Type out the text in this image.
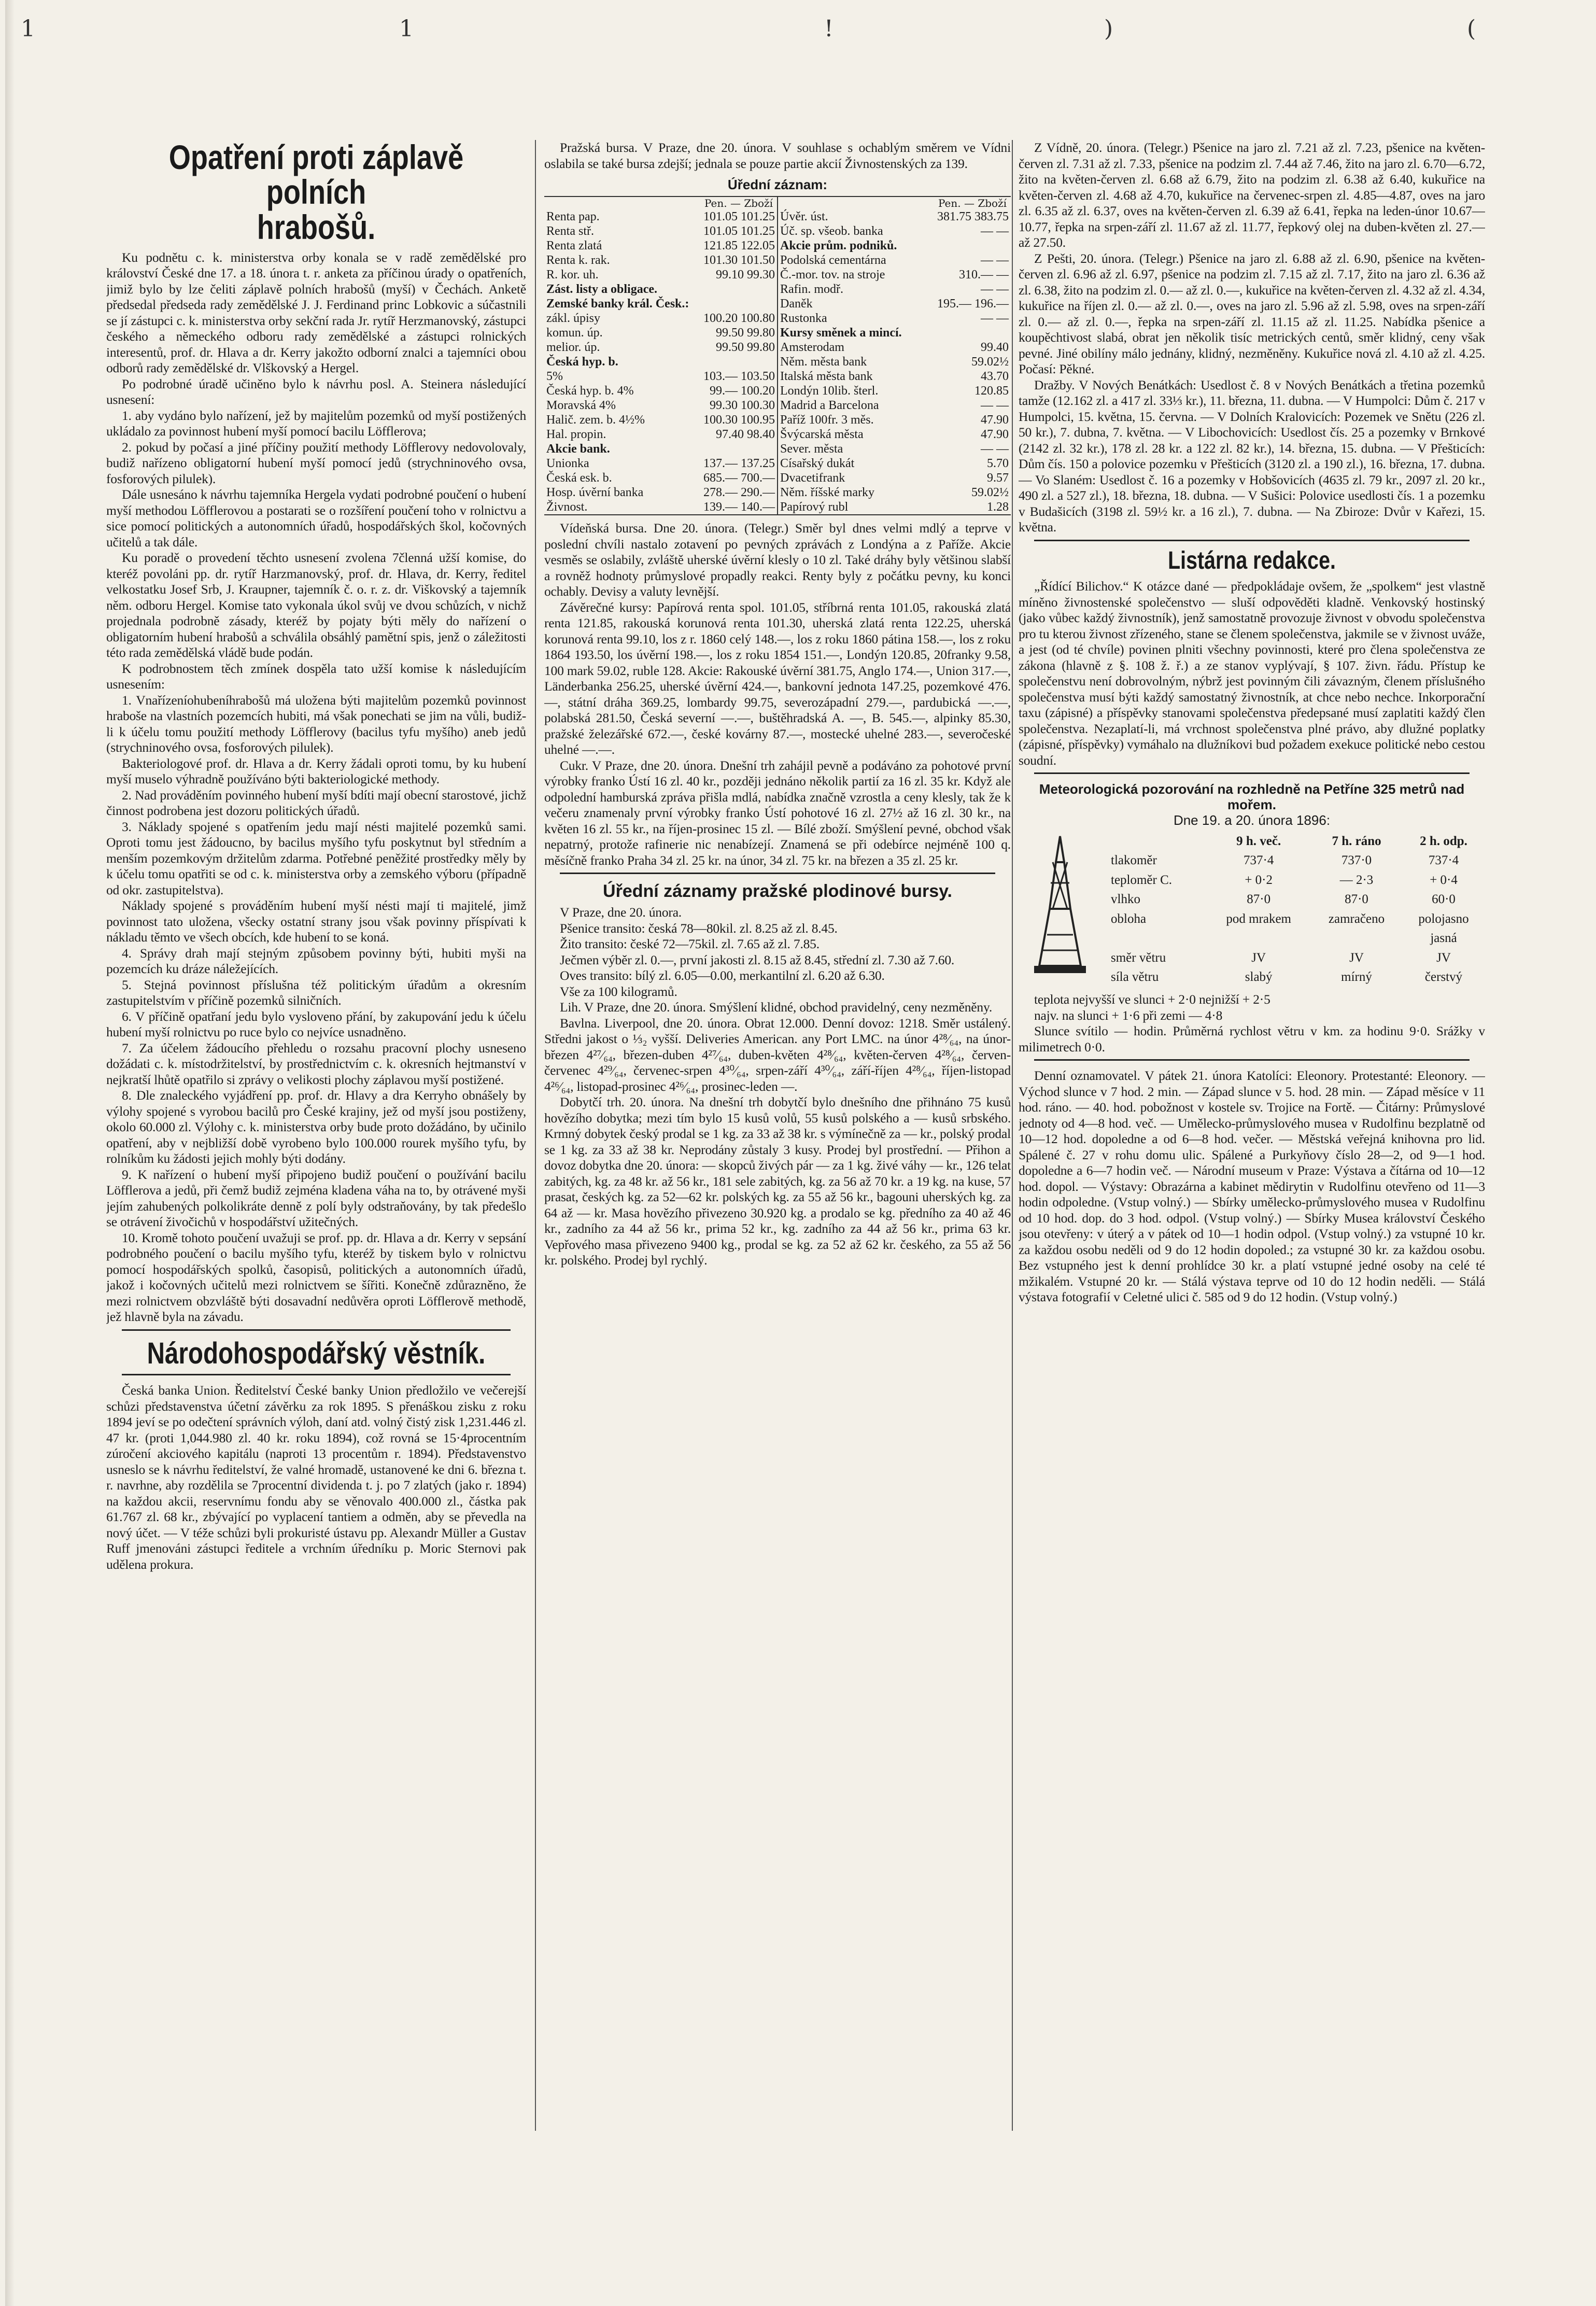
1	1	!	)	(
Opatření proti záplavě polních
hrabošů.

Ku podnětu c. k. ministerstva orby konala se v radě zemědělské pro království České dne 17. a 18. února t. r. anketa za příčinou úrady o opatřeních, jimiž bylo by lze čeliti záplavě polních hrabošů (myší) v Čechách. Anketě předsedal předseda rady zemědělské J. J. Ferdinand princ Lobkovic a súčastnili se jí zástupci c. k. ministerstva orby sekční rada Jr. rytíř Herzmanovský, zástupci českého a německého odboru rady zemědělské a zástupci rolnických interesentů, prof. dr. Hlava a dr. Kerry jakožto odborní znalci a tajemníci obou odborů rady zemědělské dr. Vlškovský a Hergel.

Po podrobné úradě učiněno bylo k návrhu posl. A. Steinera následující usnesení:

1. aby vydáno bylo nařízení, jež by majitelům pozemků od myší postižených ukládalo za povinnost hubení myší pomocí bacilu Löfflerova;

2. pokud by počasí a jiné příčiny použití methody Löfflerovy nedovolovaly, budiž nařízeno obligatorní hubení myší pomocí jedů (strychninového ovsa, fosforových pilulek).

Dále usnesáno k návrhu tajemníka Hergela vydati podrobné poučení o hubení myší methodou Löfflerovou a postarati se o rozšíření poučení toho v rolnictvu a sice pomocí politických a autonomních úřadů, hospodářských škol, kočovných učitelů a tak dále.

Ku poradě o provedení těchto usnesení zvolena 7členná užší komise, do kteréž povoláni pp. dr. rytíř Harzmanovský, prof. dr. Hlava, dr. Kerry, ředitel velkostatku Josef Srb, J. Kraupner, tajemník č. o. r. z. dr. Viškovský a tajemník něm. odboru Hergel. Komise tato vykonala úkol svůj ve dvou schůzích, v nichž projednala podrobně zásady, kteréž by pojaty býti měly do nařízení o obligatorním hubení hrabošů a schválila obsáhlý pamětní spis, jenž o záležitosti této rada zemědělská vládě bude podán.

K podrobnostem těch zmínek dospěla tato užší komise k následujícím usnesením:

1. Vnařízeníohubeníhrabošů má uložena býti majitelům pozemků povinnost hraboše na vlastních pozemcích hubiti, má však ponechati se jim na vůli, budiž-li k účelu tomu použití methody Löfflerovy (bacilus tyfu myšího) aneb jedů (strychninového ovsa, fosforových pilulek).

Bakteriologové prof. dr. Hlava a dr. Kerry žádali oproti tomu, by ku hubení myší muselo výhradně používáno býti bakteriologické methody.

2. Nad prováděním povinného hubení myší bdíti mají obecní starostové, jichž činnost podrobena jest dozoru politických úřadů.

3. Náklady spojené s opatřením jedu mají nésti majitelé pozemků sami. Oproti tomu jest žádoucno, by bacilus myšího tyfu poskytnut byl středním a menším pozemkovým držitelům zdarma. Potřebné peněžité prostředky měly by k účelu tomu opatřiti se od c. k. ministerstva orby a zemského výboru (případně od okr. zastupitelstva).

Náklady spojené s prováděním hubení myší nésti mají ti majitelé, jimž povinnost tato uložena, všecky ostatní strany jsou však povinny příspívati k nákladu těmto ve všech obcích, kde hubení to se koná.

4. Správy drah mají stejným způsobem povinny býti, hubiti myši na pozemcích ku dráze náležejících.

5. Stejná povinnost příslušna též politickým úřadům a okresním zastupitelstvím v příčině pozemků silničních.

6. V příčině opatřaní jedu bylo vysloveno přání, by zakupování jedu k účelu hubení myší rolnictvu po ruce bylo co nejvíce usnadněno.

7. Za účelem žádoucího přehledu o rozsahu pracovní plochy usneseno dožádati c. k. místodržitelství, by prostřednictvím c. k. okresních hejtmanství v nejkratší lhůtě opatřilo si zprávy o velikosti plochy záplavou myší postižené.

8. Dle znaleckého vyjádření pp. prof. dr. Hlavy a dra Kerryho obnášely by výlohy spojené s vyrobou bacilů pro České krajiny, jež od myší jsou postiženy, okolo 60.000 zl. Výlohy c. k. ministerstva orby bude proto dožádáno, by učinilo opatření, aby v nejbližší době vyrobeno bylo 100.000 rourek myšího tyfu, by rolníkům ku žádosti jejich mohly býti dodány.

9. K nařízení o hubení myší připojeno budiž poučení o používání bacilu Löfflerova a jedů, při čemž budiž zejména kladena váha na to, by otrávené myši jejím zahubených polkolikráte denně z polí byly odstraňovány, by tak předešlo se otrávení živočichů v hospodářství užitečných.

10. Kromě tohoto poučení uvažuji se prof. pp. dr. Hlava a dr. Kerry v sepsání podrobného poučení o bacilu myšího tyfu, kteréž by tiskem bylo v rolnictvu pomocí hospodářských spolků, časopisů, politických a autonomních úřadů, jakož i kočovných učitelů mezi rolnictvem se šířiti. Konečně zdůrazněno, že mezi rolnictvem obzvláště býti dosavadní nedůvěra oproti Löfflerově methodě, jež hlavně byla na závadu.

Národohospodářský věstník.

Česká banka Union. Ředitelství České banky Union předložilo ve večerejší schůzi představenstva účetní závěrku za rok 1895. S přenáškou zisku z roku 1894 jeví se po odečtení správních výloh, daní atd. volný čistý zisk 1,231.446 zl. 47 kr. (proti 1,044.980 zl. 40 kr. roku 1894), což rovná se 15·4procentním zúročení akciového kapitálu (naproti 13 procentům r. 1894). Představenstvo usneslo se k návrhu ředitelství, že valné hromadě, ustanovené ke dni 6. března t. r. navrhne, aby rozdělila se 7procentní dividenda t. j. po 7 zlatých (jako r. 1894) na každou akcii, reservnímu fondu aby se věnovalo 400.000 zl., částka pak 61.767 zl. 68 kr., zbývající po vyplacení tantiem a odměn, aby se převedla na nový účet. — V téže schůzi byli prokuristé ústavu pp. Alexandr Müller a Gustav Ruff jmenováni zástupci ředitele a vrchním úředníku p. Moric Sternovi pak udělena prokura.

Pražská bursa. V Praze, dne 20. února. V souhlase s ochablým směrem ve Vídni oslabila se také bursa zdejší; jednala se pouze partie akcií Živnostenských za 139.

Úřední záznam:
Pen. — Zboží
Renta pap.	101.05 101.25
Renta stř.	101.05 101.25
Renta zlatá	121.85 122.05
Renta k. rak.	101.30 101.50
R. kor. uh.	99.10 99.30
Zást. listy a obligace.	
Zemské banky král. Česk.:	
zákl. úpisy	100.20 100.80
komun. úp.	99.50 99.80
melior. úp.	99.50 99.80
Česká hyp. b.	
5%	103.— 103.50
Česká hyp. b. 4%	99.— 100.20
Moravská 4%	99.30 100.30
Halič. zem. b. 4½%	100.30 100.95
Hal. propin.	97.40 98.40
Akcie bank.	
Unionka	137.— 137.25
Česká esk. b.	685.— 700.—
Hosp. úvěrní banka	278.— 290.—
Živnost.	139.— 140.—
Pen. — Zboží
Úvěr. úst.	381.75 383.75
Úč. sp. všeob. banka	— —
Akcie prům. podniků.	
Podolská cementárna	— —
Č.-mor. tov. na stroje	310.— —
Rafin. modř.	— —
Daněk	195.— 196.—
Rustonka	— —
Kursy směnek a mincí.	
Amsterodam	99.40
Něm. města bank	59.02½
Italská města bank	43.70
Londýn 10lib. šterl.	120.85
Madrid a Barcelona	— —
Paříž 100fr. 3 měs.	47.90
Švýcarská města	47.90
Sever. města	— —
Císařský dukát	5.70
Dvacetifrank	9.57
Něm. říšské marky	59.02½
Papírový rubl	1.28

Vídeňská bursa. Dne 20. února. (Telegr.) Směr byl dnes velmi mdlý a teprve v poslední chvíli nastalo zotavení po pevných zprávách z Londýna a z Paříže. Akcie vesměs se oslabily, zvláště uherské úvěrní klesly o 10 zl. Také dráhy byly většinou slabší a rovněž hodnoty průmyslové propadly reakci. Renty byly z počátku pevny, ku konci ochably. Devisy a valuty levnější.

Závěrečné kursy: Papírová renta spol. 101.05, stříbrná renta 101.05, rakouská zlatá renta 121.85, rakouská korunová renta 101.30, uherská zlatá renta 122.25, uherská korunová renta 99.10, los z r. 1860 celý 148.—, los z roku 1860 pátina 158.—, los z roku 1864 193.50, los úvěrní 198.—, los z roku 1854 151.—, Londýn 120.85, 20franky 9.58, 100 mark 59.02, ruble 128. Akcie: Rakouské úvěrní 381.75, Anglo 174.—, Union 317.—, Länderbanka 256.25, uherské úvěrní 424.—, bankovní jednota 147.25, pozemkové 476.—, státní dráha 369.25, lombardy 99.75, severozápadní 279.—, pardubická —.—, polabská 281.50, Česká severní —.—, buštěhradská A. —, B. 545.—, alpinky 85.30, pražské železářské 672.—, české kovárny 87.—, mostecké uhelné 283.—, severočeské uhelné —.—.

Cukr. V Praze, dne 20. února. Dnešní trh zahájil pevně a podáváno za pohotové první výrobky franko Ústí 16 zl. 40 kr., později jednáno několik partií za 16 zl. 35 kr. Když ale odpolední hamburská zpráva přišla mdlá, nabídka značně vzrostla a ceny klesly, tak že k večeru znamenaly první výrobky franko Ústí pohotové 16 zl. 27½ až 16 zl. 30 kr., na květen 16 zl. 55 kr., na říjen-prosinec 15 zl. — Bílé zboží. Smýšlení pevné, obchod však nepatrný, protože rafinerie nic nenabízejí. Znamená se při odebírce nejméně 100 q. měsíčně franko Praha 34 zl. 25 kr. na únor, 34 zl. 75 kr. na březen a 35 zl. 25 kr.

Úřední záznamy pražské plodinové bursy.

V Praze, dne 20. února.

Pšenice transito: česká 78—80kil. zl. 8.25 až zl. 8.45.

Žito transito: české 72—75kil. zl. 7.65 až zl. 7.85.

Ječmen výběr zl. 0.—, první jakosti zl. 8.15 až 8.45, střední zl. 7.30 až 7.60.

Oves transito: bílý zl. 6.05—0.00, merkantilní zl. 6.20 až 6.30.

Vše za 100 kilogramů.

Lih. V Praze, dne 20. února. Smýšlení klidné, obchod pravidelný, ceny nezměněny.

Bavlna. Liverpool, dne 20. února. Obrat 12.000. Denní dovoz: 1218. Směr ustálený. Středni jakost o ⅓₂ vyšší. Deliveries American. any Port LMC. na únor 4²⁸⁄₆₄, na únor-březen 4²⁷⁄₆₄, březen-duben 4²⁷⁄₆₄, duben-květen 4²⁸⁄₆₄, květen-červen 4²⁸⁄₆₄, červen-červenec 4²⁹⁄₆₄, červenec-srpen 4³⁰⁄₆₄, srpen-září 4³⁰⁄₆₄, září-říjen 4²⁸⁄₆₄, říjen-listopad 4²⁶⁄₆₄, listopad-prosinec 4²⁶⁄₆₄, prosinec-leden —.

Dobytčí trh. 20. února. Na dnešní trh dobytčí bylo dnešního dne přihnáno 75 kusů hovězího dobytka; mezi tím bylo 15 kusů volů, 55 kusů polského a — kusů srbského. Krmný dobytek český prodal se 1 kg. za 33 až 38 kr. s výmínečně za — kr., polský prodal se 1 kg. za 33 až 38 kr. Neprodány zůstaly 3 kusy. Prodej byl prostřední. — Přihon a dovoz dobytka dne 20. února: — skopců živých pár — za 1 kg. živé váhy — kr., 126 telat zabitých, kg. za 48 kr. až 56 kr., 181 sele zabitých, kg. za 56 až 70 kr. a 19 kg. na kuse, 57 prasat, českých kg. za 52—62 kr. polských kg. za 55 až 56 kr., bagouni uherských kg. za 64 až — kr. Masa hovězího přivezeno 30.920 kg. a prodalo se kg. předního za 40 až 46 kr., zadního za 44 až 56 kr., prima 52 kr., kg. zadního za 44 až 56 kr., prima 63 kr. Vepřového masa přivezeno 9400 kg., prodal se kg. za 52 až 62 kr. českého, za 55 až 56 kr. polského. Prodej byl rychlý.

Z Vídně, 20. února. (Telegr.) Pšenice na jaro zl. 7.21 až zl. 7.23, pšenice na květen-červen zl. 7.31 až zl. 7.33, pšenice na podzim zl. 7.44 až 7.46, žito na jaro zl. 6.70—6.72, žito na květen-červen zl. 6.68 až 6.79, žito na podzim zl. 6.38 až 6.40, kukuřice na květen-červen zl. 4.68 až 4.70, kukuřice na červenec-srpen zl. 4.85—4.87, oves na jaro zl. 6.35 až zl. 6.37, oves na květen-červen zl. 6.39 až 6.41, řepka na leden-únor 10.67—10.77, řepka na srpen-září zl. 11.67 až zl. 11.77, řepkový olej na duben-květen zl. 27.— až 27.50.

Z Pešti, 20. února. (Telegr.) Pšenice na jaro zl. 6.88 až zl. 6.90, pšenice na květen-červen zl. 6.96 až zl. 6.97, pšenice na podzim zl. 7.15 až zl. 7.17, žito na jaro zl. 6.36 až zl. 6.38, žito na podzim zl. 0.— až zl. 0.—, kukuřice na květen-červen zl. 4.32 až zl. 4.34, kukuřice na říjen zl. 0.— až zl. 0.—, oves na jaro zl. 5.96 až zl. 5.98, oves na srpen-září zl. 0.— až zl. 0.—, řepka na srpen-září zl. 11.15 až zl. 11.25. Nabídka pšenice a koupěchtivost slabá, obrat jen několik tisíc metrických centů, směr klidný, ceny však pevné. Jiné obilíny málo jednány, klidný, nezměněny. Kukuřice nová zl. 4.10 až zl. 4.25. Počasí: Pěkné.

Dražby. V Nových Benátkách: Usedlost č. 8 v Nových Benátkách a třetina pozemků tamže (12.162 zl. a 417 zl. 33⅓ kr.), 11. března, 11. dubna. — V Humpolci: Dům č. 217 v Humpolci, 15. května, 15. června. — V Dolních Kralovicích: Pozemek ve Snětu (226 zl. 50 kr.), 7. dubna, 7. května. — V Libochovicích: Usedlost čís. 25 a pozemky v Brnkové (2142 zl. 32 kr.), 178 zl. 28 kr. a 122 zl. 82 kr.), 14. března, 15. dubna. — V Přešticích: Dům čís. 150 a polovice pozemku v Přešticích (3120 zl. a 190 zl.), 16. března, 17. dubna. — Vo Slaném: Usedlost č. 16 a pozemky v Hobšovicích (4635 zl. 79 kr., 2097 zl. 20 kr., 490 zl. a 527 zl.), 18. března, 18. dubna. — V Sušici: Polovice usedlosti čís. 1 a pozemku v Budašicích (3198 zl. 59½ kr. a 16 zl.), 7. dubna. — Na Zbiroze: Dvůr v Kařezi, 15. května.

Listárna redakce.

„Řídící Bilichov.“ K otázce dané — předpokládaje ovšem, že „spolkem“ jest vlastně míněno živnostenské společenstvo — sluší odpověděti kladně. Venkovský hostinský (jako vůbec každý živnostník), jenž samostatně provozuje živnost v obvodu společenstva pro tu kterou živnost zřízeného, stane se členem společenstva, jakmile se v živnost uváže, a jest (od té chvíle) povinen plniti všechny povinnosti, které pro člena společenstva ze zákona (hlavně z §. 108 ž. ř.) a ze stanov vyplývají, § 107. živn. řádu. Přístup ke společenstvu není dobrovolným, nýbrž jest povinným čili závazným, členem příslušného společenstva musí býti každý samostatný živnostník, at chce nebo nechce. Inkorporační taxu (zápisné) a příspěvky stanovami společenstva předepsané musí zaplatiti každý člen společenstva. Nezaplatí-li, má vrchnost společenstva plné právo, aby dlužné poplatky (zápisné, příspěvky) vymáhalo na dlužníkovi bud požadem exekuce politické nebo cestou soudní.

Meteorologická pozorování na rozhledně na Petříne 325 metrů nad mořem.
Dne 19. a 20. února 1896:
	9 h. več.	7 h. ráno	2 h. odp.
tlakoměr	737·4	737·0	737·4
teploměr C.	+ 0·2	— 2·3	+ 0·4
vlhko	87·0	87·0	60·0
obloha	pod mrakem	zamračeno	polojasno
			jasná
směr větru	JV	JV	JV
síla větru	slabý	mírný	čerstvý

teplota nejvyšší ve slunci + 2·0 nejnižší + 2·5

najv. na slunci + 1·6 při zemi — 4·8

Slunce svítilo — hodin. Průměrná rychlost větru v km. za hodinu 9·0. Srážky v milimetrech 0·0.

Denní oznamovatel. V pátek 21. února Katolíci: Eleonory. Protestanté: Eleonory. — Východ slunce v 7 hod. 2 min. — Západ slunce v 5. hod. 28 min. — Západ měsíce v 11 hod. ráno. — 40. hod. pobožnost v kostele sv. Trojice na Fortě. — Čitárny: Průmyslové jednoty od 4—8 hod. več. — Umělecko-průmyslového musea v Rudolfinu bezplatně od 10—12 hod. dopoledne a od 6—8 hod. večer. — Městská veřejná knihovna pro lid. Spálené č. 27 v rohu domu ulic. Spálené a Purkyňovy číslo 28—2, od 9—1 hod. dopoledne a 6—7 hodin več. — Národní museum v Praze: Výstava a čítárna od 10—12 hod. dopol. — Výstavy: Obrazárna a kabinet mědirytin v Rudolfinu otevřeno od 11—3 hodin odpoledne. (Vstup volný.) — Sbírky umělecko-průmyslového musea v Rudolfinu od 10 hod. dop. do 3 hod. odpol. (Vstup volný.) — Sbírky Musea království Českého jsou otevřeny: v úterý a v pátek od 10—1 hodin odpol. (Vstup volný.) za vstupné 10 kr. za každou osobu neděli od 9 do 12 hodin dopoled.; za vstupné 30 kr. za každou osobu. Bez vstupného jest k denní prohlídce 30 kr. a platí vstupné jedné osoby na celé té mžikalém. Vstupné 20 kr. — Stálá výstava teprve od 10 do 12 hodin neděli. — Stálá výstava fotografií v Celetné ulici č. 585 od 9 do 12 hodin. (Vstup volný.)
